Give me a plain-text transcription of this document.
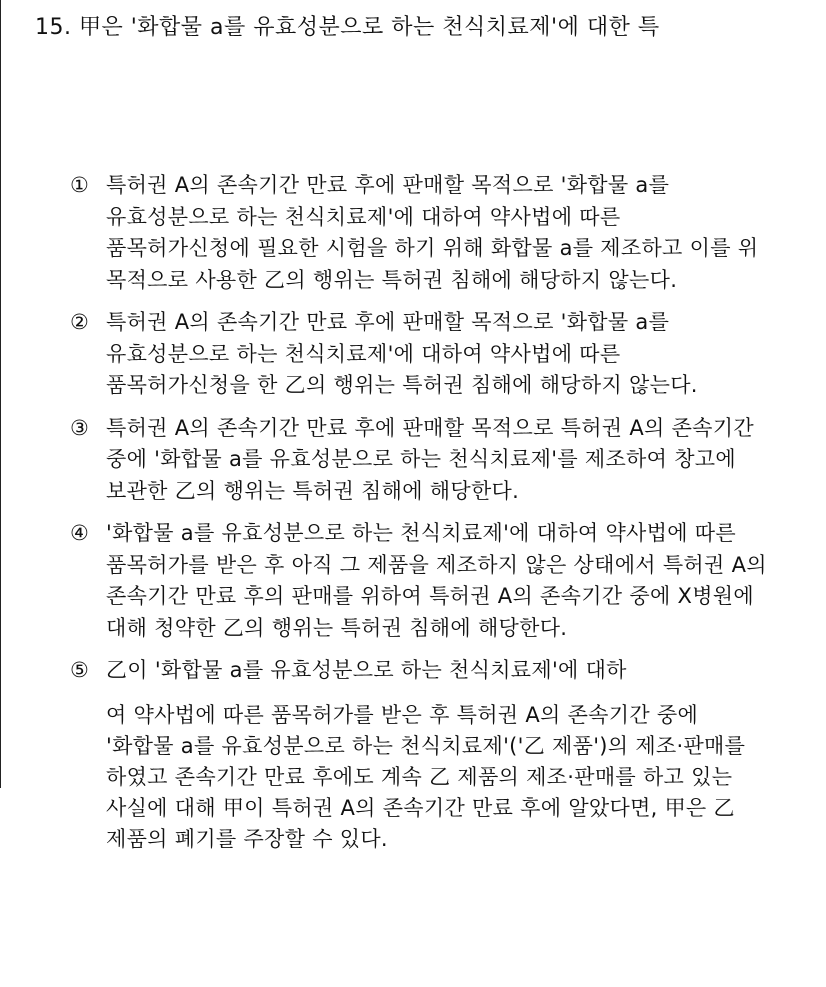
15. 甲은 '화합물 a를 유효성분으로 하는 천식치료제'에 대한 특
① 특허권 A의 존속기간 만료 후에 판매할 목적으로 '화합물 a를 유효성분으로 하는 천식치료제'에 대하여 약사법에 따른 품목허가신청에 필요한 시험을 하기 위해 화합물 a를 제조하고 이를 위 목적으로 사용한 乙의 행위는 특허권 침해에 해당하지 않는다.
② 특허권 A의 존속기간 만료 후에 판매할 목적으로 '화합물 a를 유효성분으로 하는 천식치료제'에 대하여 약사법에 따른 품목허가신청을 한 乙의 행위는 특허권 침해에 해당하지 않는다.
③ 특허권 A의 존속기간 만료 후에 판매할 목적으로 특허권 A의 존속기간 중에 '화합물 a를 유효성분으로 하는 천식치료제'를 제조하여 창고에 보관한 乙의 행위는 특허권 침해에 해당한다.
④ '화합물 a를 유효성분으로 하는 천식치료제'에 대하여 약사법에 따른 품목허가를 받은 후 아직 그 제품을 제조하지 않은 상태에서 특허권 A의 존속기간 만료 후의 판매를 위하여 특허권 A의 존속기간 중에 X병원에 대해 청약한 乙의 행위는 특허권 침해에 해당한다.
⑤ 乙이 '화합물 a를 유효성분으로 하는 천식치료제'에 대하
여 약사법에 따른 품목허가를 받은 후 특허권 A의 존속기간 중에 '화합물 a를 유효성분으로 하는 천식치료제'('乙 제품')의 제조·판매를 하였고 존속기간 만료 후에도 계속 乙 제품의 제조·판매를 하고 있는 사실에 대해 甲이 특허권 A의 존속기간 만료 후에 알았다면, 甲은 乙 제품의 폐기를 주장할 수 있다.
